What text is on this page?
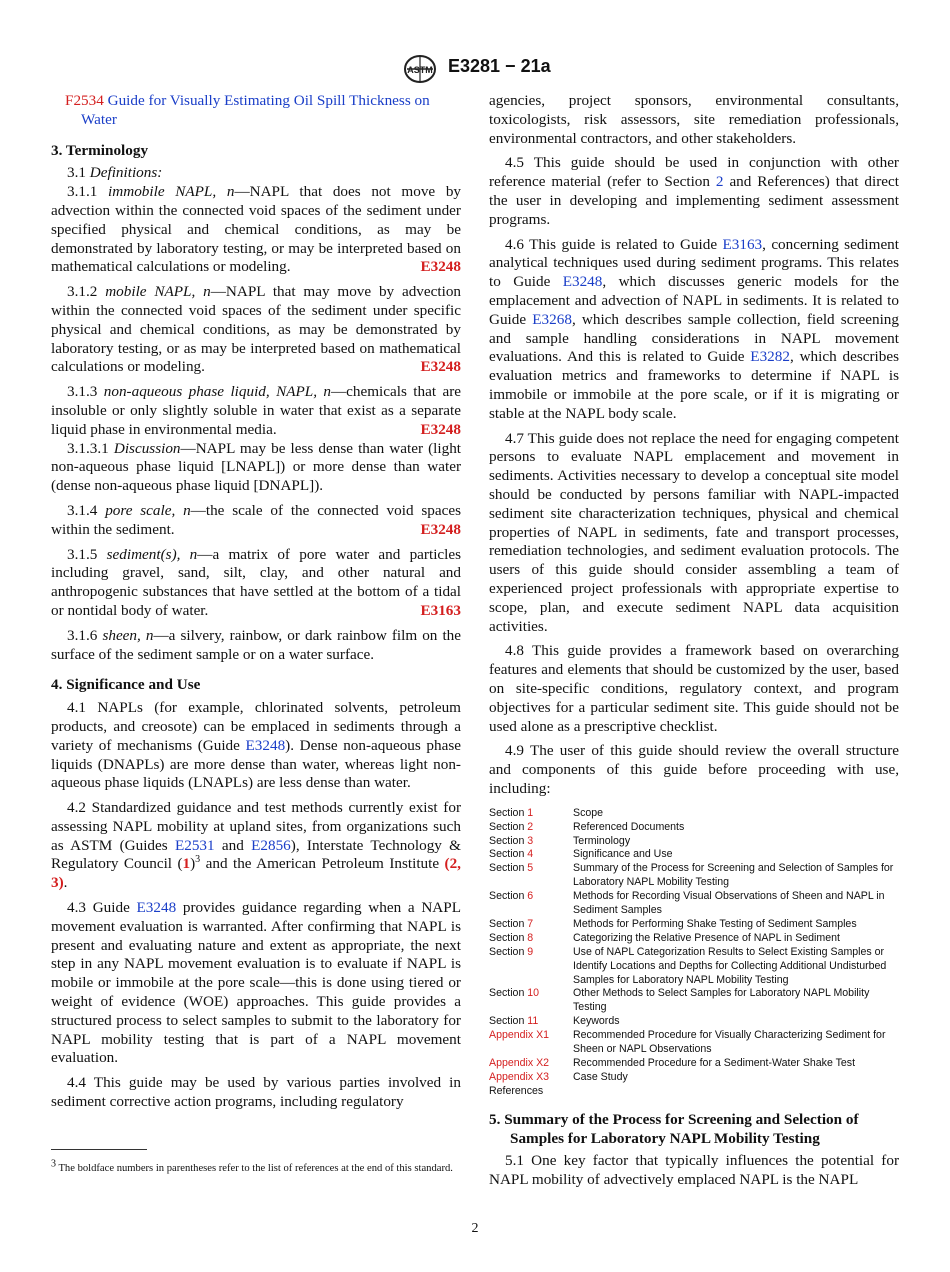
ASTM E3281 − 21a

F2534 Guide for Visually Estimating Oil Spill Thickness on Water

3. Terminology

3.1 Definitions:

3.1.1 immobile NAPL, n—NAPL that does not move by advection within the connected void spaces of the sediment under specified physical and chemical conditions, as may be demonstrated by laboratory testing, or may be interpreted based on mathematical calculations or modeling.	E3248

3.1.2 mobile NAPL, n—NAPL that may move by advection within the connected void spaces of the sediment under specific physical and chemical conditions, as may be demonstrated by laboratory testing, or as may be interpreted based on mathematical calculations or modeling.	E3248

3.1.3 non-aqueous phase liquid, NAPL, n—chemicals that are insoluble or only slightly soluble in water that exist as a separate liquid phase in environmental media.	E3248

3.1.3.1 Discussion—NAPL may be less dense than water (light non-aqueous phase liquid [LNAPL]) or more dense than water (dense non-aqueous phase liquid [DNAPL]).

3.1.4 pore scale, n—the scale of the connected void spaces within the sediment.	E3248

3.1.5 sediment(s), n—a matrix of pore water and particles including gravel, sand, silt, clay, and other natural and anthropogenic substances that have settled at the bottom of a tidal or nontidal body of water.	E3163

3.1.6 sheen, n—a silvery, rainbow, or dark rainbow film on the surface of the sediment sample or on a water surface.

4. Significance and Use

4.1 NAPLs (for example, chlorinated solvents, petroleum products, and creosote) can be emplaced in sediments through a variety of mechanisms (Guide E3248). Dense non-aqueous phase liquids (DNAPLs) are more dense than water, whereas light non-aqueous phase liquids (LNAPLs) are less dense than water.

4.2 Standardized guidance and test methods currently exist for assessing NAPL mobility at upland sites, from organizations such as ASTM (Guides E2531 and E2856), Interstate Technology & Regulatory Council $(1)^3$ and the American Petroleum Institute (2, 3).

4.3 Guide E3248 provides guidance regarding when a NAPL movement evaluation is warranted. After confirming that NAPL is present and evaluating nature and extent as appropriate, the next step in any NAPL movement evaluation is to evaluate if NAPL is mobile or immobile at the pore scale—this is done using tiered or weight of evidence (WOE) approaches. This guide provides a structured process to select samples to submit to the laboratory for NAPL mobility testing that is part of a NAPL movement evaluation.

4.4 This guide may be used by various parties involved in sediment corrective action programs, including regulatory

agencies, project sponsors, environmental consultants, toxicologists, risk assessors, site remediation professionals, environmental contractors, and other stakeholders.

4.5 This guide should be used in conjunction with other reference material (refer to Section 2 and References) that direct the user in developing and implementing sediment assessment programs.

4.6 This guide is related to Guide E3163, concerning sediment analytical techniques used during sediment programs. This relates to Guide E3248, which discusses generic models for the emplacement and advection of NAPL in sediments. It is related to Guide E3268, which describes sample collection, field screening and sample handling considerations in NAPL movement evaluations. And this is related to Guide E3282, which describes evaluation metrics and frameworks to determine if NAPL is immobile or immobile at the pore scale, or if it is migrating or stable at the NAPL body scale.

4.7 This guide does not replace the need for engaging competent persons to evaluate NAPL emplacement and movement in sediments. Activities necessary to develop a conceptual site model should be conducted by persons familiar with NAPL-impacted sediment site characterization techniques, physical and chemical properties of NAPL in sediments, fate and transport processes, remediation technologies, and sediment evaluation protocols. The users of this guide should consider assembling a team of experienced project professionals with appropriate expertise to scope, plan, and execute sediment NAPL data acquisition activities.

4.8 This guide provides a framework based on overarching features and elements that should be customized by the user, based on site-specific conditions, regulatory context, and program objectives for a particular sediment site. This guide should not be used alone as a prescriptive checklist.

4.9 The user of this guide should review the overall structure and components of this guide before proceeding with use, including:

Section 1	Scope
Section 2	Referenced Documents
Section 3	Terminology
Section 4	Significance and Use
Section 5	Summary of the Process for Screening and Selection of Samples for Laboratory NAPL Mobility Testing
Section 6	Methods for Recording Visual Observations of Sheen and NAPL in Sediment Samples
Section 7	Methods for Performing Shake Testing of Sediment Samples
Section 8	Categorizing the Relative Presence of NAPL in Sediment
Section 9	Use of NAPL Categorization Results to Select Existing Samples or Identify Locations and Depths for Collecting Additional Undisturbed Samples for Laboratory NAPL Mobility Testing
Section 10	Other Methods to Select Samples for Laboratory NAPL Mobility Testing
Section 11	Keywords
Appendix X1	Recommended Procedure for Visually Characterizing Sediment for Sheen or NAPL Observations
Appendix X2	Recommended Procedure for a Sediment-Water Shake Test
Appendix X3	Case Study
References
5. Summary of the Process for Screening and Selection of Samples for Laboratory NAPL Mobility Testing

5.1 One key factor that typically influences the potential for NAPL mobility of advectively emplaced NAPL is the NAPL

$^3$ The boldface numbers in parentheses refer to the list of references at the end of this standard.
2
